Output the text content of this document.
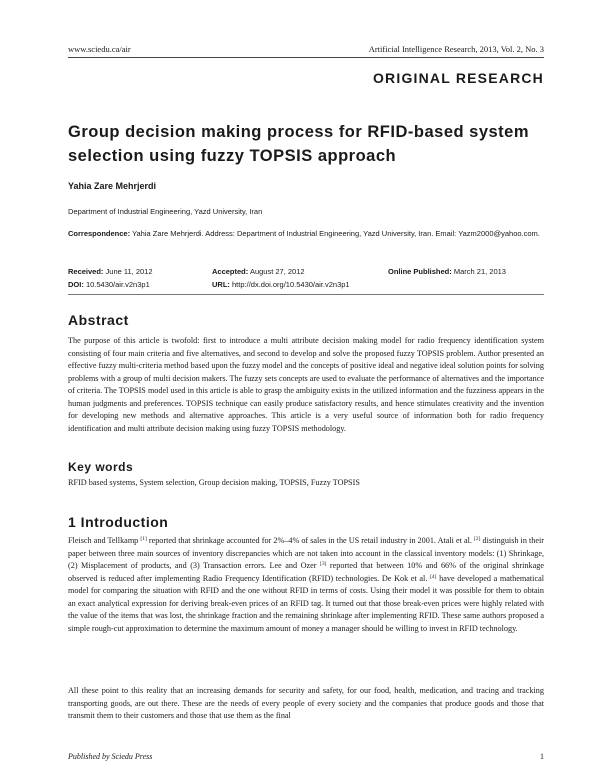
www.sciedu.ca/air	Artificial Intelligence Research, 2013, Vol. 2, No. 3
ORIGINAL RESEARCH
Group decision making process for RFID-based system selection using fuzzy TOPSIS approach
Yahia Zare Mehrjerdi
Department of Industrial Engineering, Yazd University, Iran
Correspondence: Yahia Zare Mehrjerdi. Address: Department of Industrial Engineering, Yazd University, Iran. Email: Yazm2000@yahoo.com.
Received: June 11, 2012	Accepted: August 27, 2012	Online Published: March 21, 2013
DOI: 10.5430/air.v2n3p1	URL: http://dx.doi.org/10.5430/air.v2n3p1
Abstract

The purpose of this article is twofold: first to introduce a multi attribute decision making model for radio frequency identification system consisting of four main criteria and five alternatives, and second to develop and solve the proposed fuzzy TOPSIS problem. Author presented an effective fuzzy multi-criteria method based upon the fuzzy model and the concepts of positive ideal and negative ideal solution points for solving problems with a group of multi decision makers. The fuzzy sets concepts are used to evaluate the performance of alternatives and the importance of criteria. The TOPSIS model used in this article is able to grasp the ambiguity exists in the utilized information and the fuzziness appears in the human judgments and preferences. TOPSIS technique can easily produce satisfactory results, and hence stimulates creativity and the invention for developing new methods and alternative approaches. This article is a very useful source of information both for radio frequency identification and multi attribute decision making using fuzzy TOPSIS methodology.

Key words

RFID based systems, System selection, Group decision making, TOPSIS, Fuzzy TOPSIS

1 Introduction

Fleisch and Tellkamp [1] reported that shrinkage accounted for 2%–4% of sales in the US retail industry in 2001. Atali et al. [2] distinguish in their paper between three main sources of inventory discrepancies which are not taken into account in the classical inventory models: (1) Shrinkage, (2) Misplacement of products, and (3) Transaction errors. Lee and Ozer [3] reported that between 10% and 66% of the original shrinkage observed is reduced after implementing Radio Frequency Identification (RFID) technologies. De Kok et al. [4] have developed a mathematical model for comparing the situation with RFID and the one without RFID in terms of costs. Using their model it was possible for them to obtain an exact analytical expression for deriving break-even prices of an RFID tag. It turned out that those break-even prices were highly related with the value of the items that was lost, the shrinkage fraction and the remaining shrinkage after implementing RFID. These same authors proposed a simple rough-cut approximation to determine the maximum amount of money a manager should be willing to invest in RFID technology.

All these point to this reality that an increasing demands for security and safety, for our food, health, medication, and tracing and tracking transporting goods, are out there. These are the needs of every people of every society and the companies that produce goods and those that transmit them to their customers and those that use them as the final

Published by Sciedu Press	1
